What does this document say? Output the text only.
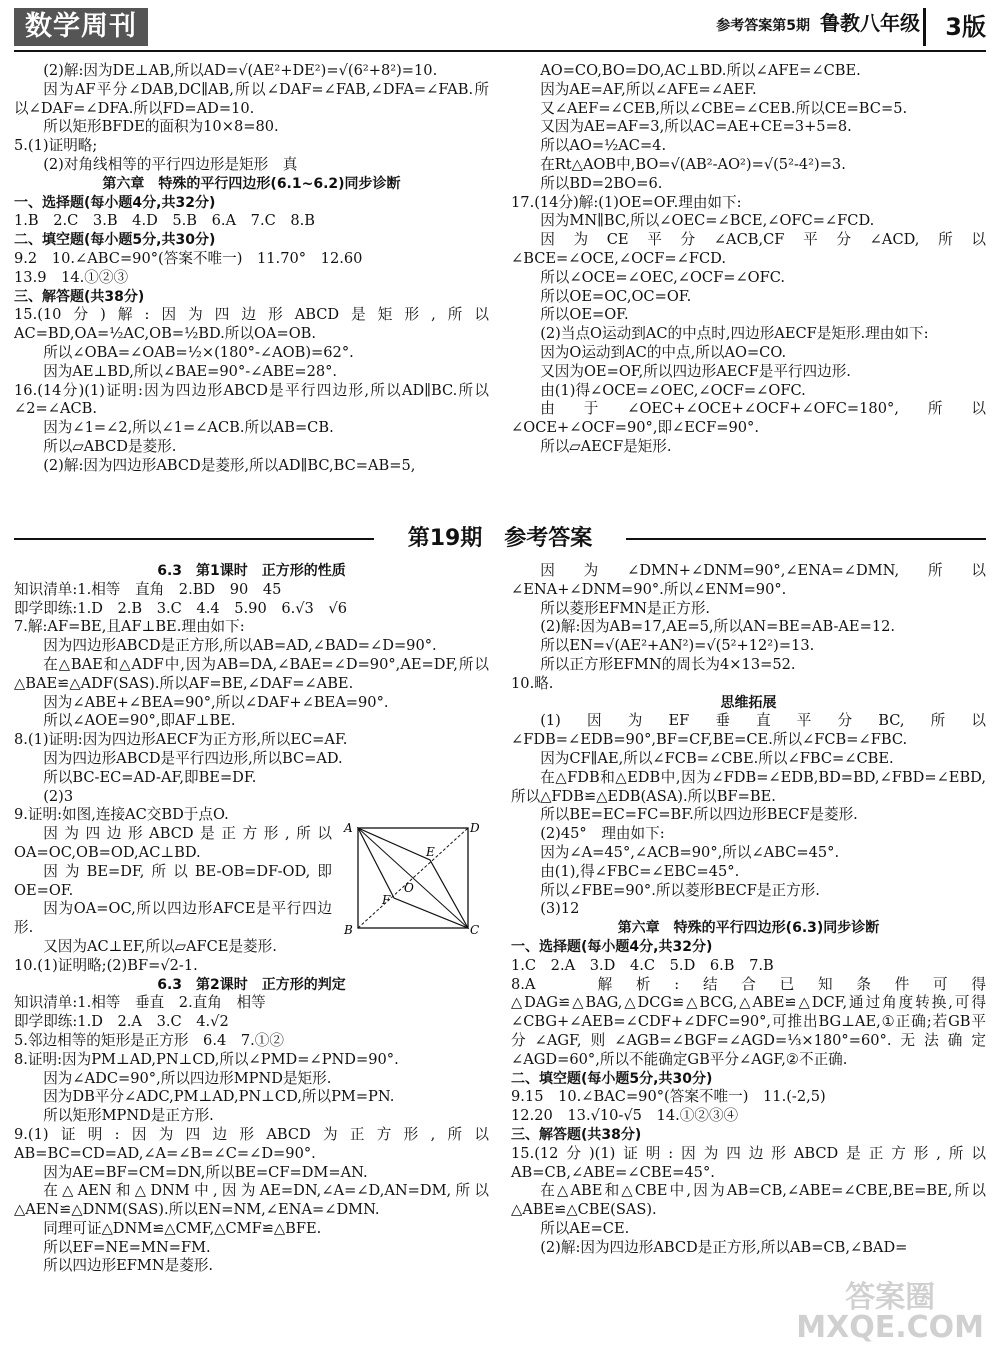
数学周刊	参考答案第5期 鲁教八年级	3版

(2)解:因为DE⊥AB,所以AD=√(AE²+DE²)=√(6²+8²)=10.

因为AF平分∠DAB,DC∥AB,所以∠DAF=∠FAB,∠DFA=∠FAB.所以∠DAF=∠DFA.所以FD=AD=10.

所以矩形BFDE的面积为10×8=80.

5.(1)证明略;

(2)对角线相等的平行四边形是矩形　真

第六章　特殊的平行四边形(6.1~6.2)同步诊断

一、选择题(每小题4分,共32分)

1.B　2.C　3.B　4.D　5.B　6.A　7.C　8.B

二、填空题(每小题5分,共30分)

9.2　10.∠ABC=90°(答案不唯一)　11.70°　12.60

13.9　14.①②③

三、解答题(共38分)

15.(10分)解:因为四边形ABCD是矩形,所以AC=BD,OA=½AC,OB=½BD.所以OA=OB.

所以∠OBA=∠OAB=½×(180°-∠AOB)=62°.

因为AE⊥BD,所以∠BAE=90°-∠ABE=28°.

16.(14分)(1)证明:因为四边形ABCD是平行四边形,所以AD∥BC.所以∠2=∠ACB.

因为∠1=∠2,所以∠1=∠ACB.所以AB=CB.

所以▱ABCD是菱形.

(2)解:因为四边形ABCD是菱形,所以AD∥BC,BC=AB=5,

AO=CO,BO=DO,AC⊥BD.所以∠AFE=∠CBE.

因为AE=AF,所以∠AFE=∠AEF.

又∠AEF=∠CEB,所以∠CBE=∠CEB.所以CE=BC=5.

又因为AE=AF=3,所以AC=AE+CE=3+5=8.

所以AO=½AC=4.

在Rt△AOB中,BO=√(AB²-AO²)=√(5²-4²)=3.

所以BD=2BO=6.

17.(14分)解:(1)OE=OF.理由如下:

因为MN∥BC,所以∠OEC=∠BCE,∠OFC=∠FCD.

因为CE平分∠ACB,CF平分∠ACD,所以∠BCE=∠OCE,∠OCF=∠FCD.

所以∠OCE=∠OEC,∠OCF=∠OFC.

所以OE=OC,OC=OF.

所以OE=OF.

(2)当点O运动到AC的中点时,四边形AECF是矩形.理由如下:

因为O运动到AC的中点,所以AO=CO.

又因为OE=OF,所以四边形AECF是平行四边形.

由(1)得∠OCE=∠OEC,∠OCF=∠OFC.

由于∠OEC+∠OCE+∠OCF+∠OFC=180°,所以∠OCE+∠OCF=90°,即∠ECF=90°.

所以▱AECF是矩形.

第19期　参考答案

6.3　第1课时　正方形的性质

知识清单:1.相等　直角　2.BD　90　45

即学即练:1.D　2.B　3.C　4.4　5.90　6.√3　√6

7.解:AF=BE,且AF⊥BE.理由如下:

因为四边形ABCD是正方形,所以AB=AD,∠BAD=∠D=90°.

在△BAE和△ADF中,因为AB=DA,∠BAE=∠D=90°,AE=DF,所以△BAE≌△ADF(SAS).所以AF=BE,∠DAF=∠ABE.

因为∠ABE+∠BEA=90°,所以∠DAF+∠BEA=90°.

所以∠AOE=90°,即AF⊥BE.

8.(1)证明:因为四边形AECF为正方形,所以EC=AF.

因为四边形ABCD是平行四边形,所以BC=AD.

所以BC-EC=AD-AF,即BE=DF.

(2)3

9.证明:如图,连接AC交BD于点O.

因为四边形ABCD是正方形,所以OA=OC,OB=OD,AC⊥BD.

因为BE=DF,所以BE-OB=DF-OD,即OE=OF.

因为OA=OC,所以四边形AFCE是平行四边形.

又因为AC⊥EF,所以▱AFCE是菱形.

10.(1)证明略;(2)BF=√2-1.

6.3　第2课时　正方形的判定

知识清单:1.相等　垂直　2.直角　相等

即学即练:1.D　2.A　3.C　4.√2

5.邻边相等的矩形是正方形　6.4　7.①②

8.证明:因为PM⊥AD,PN⊥CD,所以∠PMD=∠PND=90°.

因为∠ADC=90°,所以四边形MPND是矩形.

因为DB平分∠ADC,PM⊥AD,PN⊥CD,所以PM=PN.

所以矩形MPND是正方形.

9.(1)证明:因为四边形ABCD为正方形,所以AB=BC=CD=AD,∠A=∠B=∠C=∠D=90°.

因为AE=BF=CM=DN,所以BE=CF=DM=AN.

在△AEN和△DNM中,因为AE=DN,∠A=∠D,AN=DM,所以△AEN≌△DNM(SAS).所以EN=NM,∠ENA=∠DMN.

同理可证△DNM≌△CMF,△CMF≌△BFE.

所以EF=NE=MN=FM.

所以四边形EFMN是菱形.

因为∠DMN+∠DNM=90°,∠ENA=∠DMN,所以∠ENA+∠DNM=90°.所以∠ENM=90°.

所以菱形EFMN是正方形.

(2)解:因为AB=17,AE=5,所以AN=BE=AB-AE=12.

所以EN=√(AE²+AN²)=√(5²+12²)=13.

所以正方形EFMN的周长为4×13=52.

10.略.

思维拓展

(1)因为EF垂直平分BC,所以∠FDB=∠EDB=90°,BF=CF,BE=CE.所以∠FCB=∠FBC.

因为CF∥AE,所以∠FCB=∠CBE.所以∠FBC=∠CBE.

在△FDB和△EDB中,因为∠FDB=∠EDB,BD=BD,∠FBD=∠EBD,所以△FDB≌△EDB(ASA).所以BF=BE.

所以BE=EC=FC=BF.所以四边形BECF是菱形.

(2)45°　理由如下:

因为∠A=45°,∠ACB=90°,所以∠ABC=45°.

由(1),得∠FBC=∠EBC=45°.

所以∠FBE=90°.所以菱形BECF是正方形.

(3)12

第六章　特殊的平行四边形(6.3)同步诊断

一、选择题(每小题4分,共32分)

1.C　2.A　3.D　4.C　5.D　6.B　7.B

8.A　解析:结合已知条件可得△DAG≌△BAG,△DCG≌△BCG,△ABE≌△DCF,通过角度转换,可得∠CBG+∠AEB=∠CDF+∠DFC=90°,可推出BG⊥AE,①正确;若GB平分∠AGF,则∠AGB=∠BGF=∠AGD=⅓×180°=60°.无法确定∠AGD=60°,所以不能确定GB平分∠AGF,②不正确.

二、填空题(每小题5分,共30分)

9.15　10.∠BAC=90°(答案不唯一)　11.(-2,5)

12.20　13.√10-√5　14.①②③④

三、解答题(共38分)

15.(12分)(1)证明:因为四边形ABCD是正方形,所以AB=CB,∠ABE=∠CBE=45°.

在△ABE和△CBE中,因为AB=CB,∠ABE=∠CBE,BE=BE,所以△ABE≌△CBE(SAS).

所以AE=CE.

(2)解:因为四边形ABCD是正方形,所以AB=CB,∠BAD=

A	D
B	C
E
F
O
答案圈
MXQE.COM
